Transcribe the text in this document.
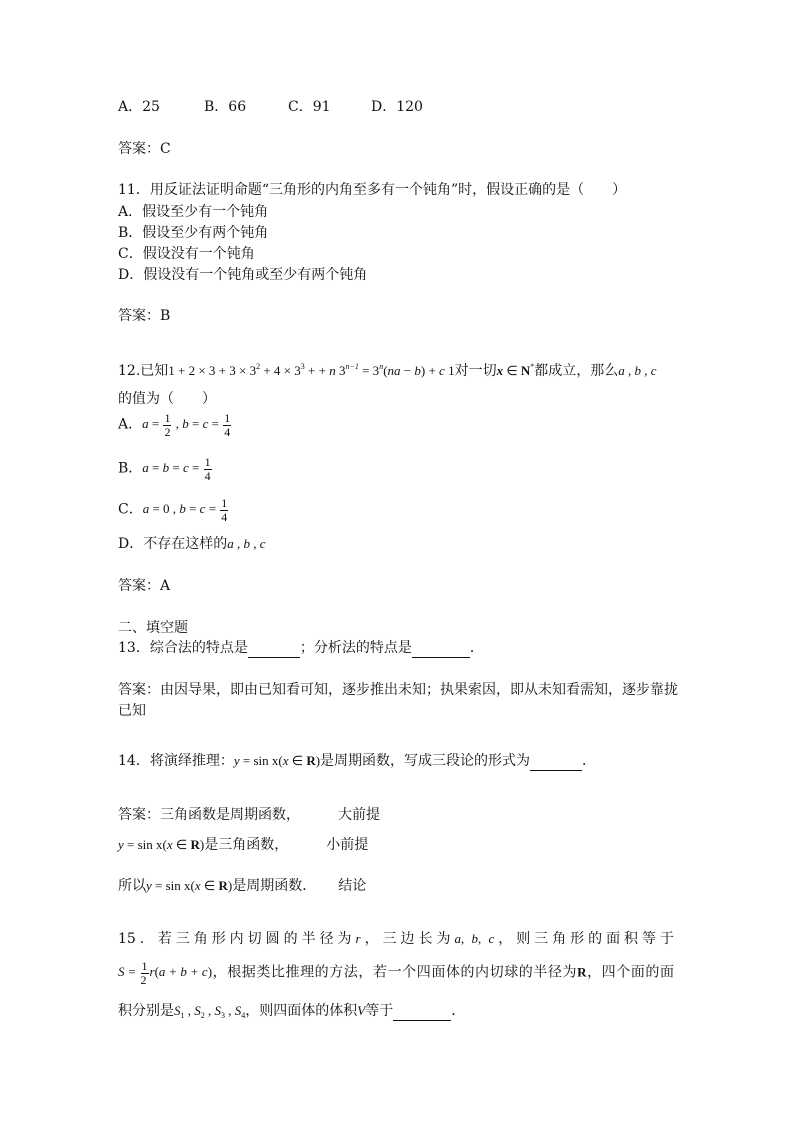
A．25	B．66	C．91	D．120
答案：C
11．用反证法证明命题“三角形的内角至多有一个钝角”时，假设正确的是（　　）
A．假设至少有一个钝角
B．假设至少有两个钝角
C．假设没有一个钝角
D．假设没有一个钝角或至少有两个钝角
答案：B
12.已知$1 + 2 \times 3 + 3 \times 3^2 + 4 \times 3^3$ + + n $3^{n-1} = 3^n(na - b) + c$ 1对一切x ∈ N*都成立，那么a , b , c
的值为（　　）
A．$a = \frac{1}{2}$ , $b = c = \frac{1}{4}$
B．$a = b = c = \frac{1}{4}$
C．a = 0 , $b = c = \frac{1}{4}$
D．不存在这样的a , b , c
答案：A
二、填空题
13．综合法的特点是	；分析法的特点是	．
答案：由因导果，即由已知看可知，逐步推出未知；执果索因，即从未知看需知，逐步靠拢
已知
14．将演绎推理：y = sin x(x ∈ R)是周期函数，写成三段论的形式为	．
答案：三角函数是周期函数，	大前提
y = sin x(x ∈ R)是三角函数，	小前提
所以y = sin x(x ∈ R)是周期函数． 结论
15．若三角形内切圆的半径为r，三边长为a, b, c，则三角形的面积等于
$S = \frac{1}{2} r(a + b + c)$，根据类比推理的方法，若一个四面体的内切球的半径为R，四个面的面
积分别是$S_1$ , $S_2$ , $S_3$ , $S_4$，则四面体的体积V等于	．
